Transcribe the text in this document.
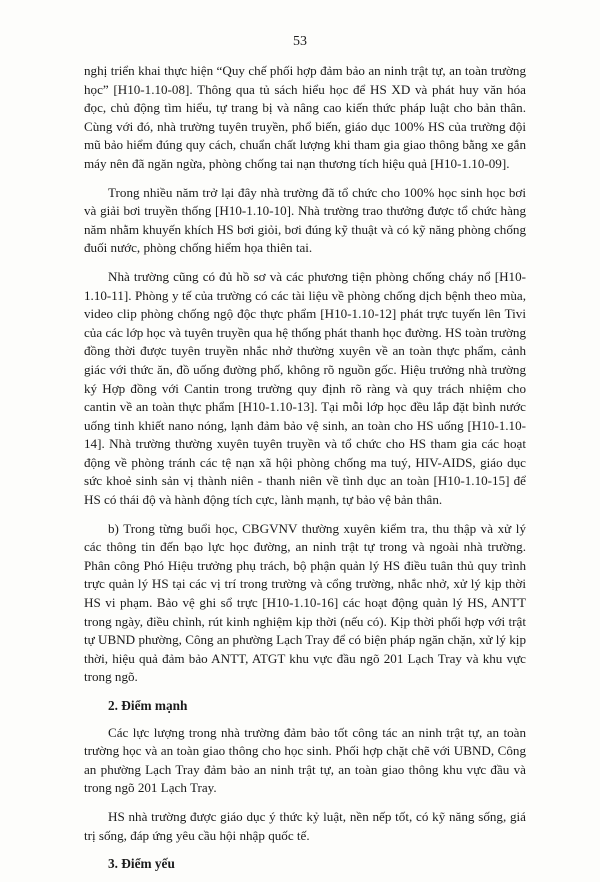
53

nghị triển khai thực hiện “Quy chế phối hợp đảm bảo an ninh trật tự, an toàn trường học” [H10-1.10-08]. Thông qua tủ sách hiểu học để HS XD và phát huy văn hóa đọc, chủ động tìm hiểu, tự trang bị và nâng cao kiến thức pháp luật cho bản thân. Cùng với đó, nhà trường tuyên truyền, phổ biến, giáo dục 100% HS của trường đội mũ bảo hiểm đúng quy cách, chuẩn chất lượng khi tham gia giao thông bằng xe gắn máy nên đã ngăn ngừa, phòng chống tai nạn thương tích hiệu quả [H10-1.10-09].

Trong nhiều năm trở lại đây nhà trường đã tổ chức cho 100% học sinh học bơi và giải bơi truyền thống [H10-1.10-10]. Nhà trường trao thưởng được tổ chức hàng năm nhằm khuyến khích HS bơi giỏi, bơi đúng kỹ thuật và có kỹ năng phòng chống đuối nước, phòng chống hiểm họa thiên tai.

Nhà trường cũng có đủ hồ sơ và các phương tiện phòng chống cháy nổ [H10-1.10-11]. Phòng y tế của trường có các tài liệu về phòng chống dịch bệnh theo mùa, video clip phòng chống ngộ độc thực phẩm [H10-1.10-12] phát trực tuyến lên Tivi của các lớp học và tuyên truyền qua hệ thống phát thanh học đường. HS toàn trường đồng thời được tuyên truyền nhắc nhở thường xuyên về an toàn thực phẩm, cảnh giác với thức ăn, đồ uống đường phố, không rõ nguồn gốc. Hiệu trưởng nhà trường ký Hợp đồng với Cantin trong trường quy định rõ ràng và quy trách nhiệm cho cantin về an toàn thực phẩm [H10-1.10-13]. Tại mỗi lớp học đều lắp đặt bình nước uống tinh khiết nano nóng, lạnh đảm bảo vệ sinh, an toàn cho HS uống [H10-1.10-14]. Nhà trường thường xuyên tuyên truyền và tổ chức cho HS tham gia các hoạt động về phòng tránh các tệ nạn xã hội phòng chống ma tuý, HIV-AIDS, giáo dục sức khoẻ sinh sản vị thành niên - thanh niên về tình dục an toàn [H10-1.10-15] để HS có thái độ và hành động tích cực, lành mạnh, tự bảo vệ bản thân.

b) Trong từng buổi học, CBGVNV thường xuyên kiểm tra, thu thập và xử lý các thông tin đến bạo lực học đường, an ninh trật tự trong và ngoài nhà trường. Phân công Phó Hiệu trưởng phụ trách, bộ phận quản lý HS điều tuân thủ quy trình trực quản lý HS tại các vị trí trong trường và cổng trường, nhắc nhở, xử lý kịp thời HS vi phạm. Bảo vệ ghi sổ trực [H10-1.10-16] các hoạt động quản lý HS, ANTT trong ngày, điều chỉnh, rút kinh nghiệm kịp thời (nếu có). Kịp thời phối hợp với trật tự UBND phường, Công an phường Lạch Tray để có biện pháp ngăn chặn, xử lý kịp thời, hiệu quả đảm bảo ANTT, ATGT khu vực đầu ngõ 201 Lạch Tray và khu vực trong ngõ.

2. Điểm mạnh

Các lực lượng trong nhà trường đảm bảo tốt công tác an ninh trật tự, an toàn trường học và an toàn giao thông cho học sinh. Phối hợp chặt chẽ với UBND, Công an phường Lạch Tray đảm bảo an ninh trật tự, an toàn giao thông khu vực đầu và trong ngõ 201 Lạch Tray.

HS nhà trường được giáo dục ý thức kỷ luật, nền nếp tốt, có kỹ năng sống, giá trị sống, đáp ứng yêu cầu hội nhập quốc tế.

3. Điểm yếu
